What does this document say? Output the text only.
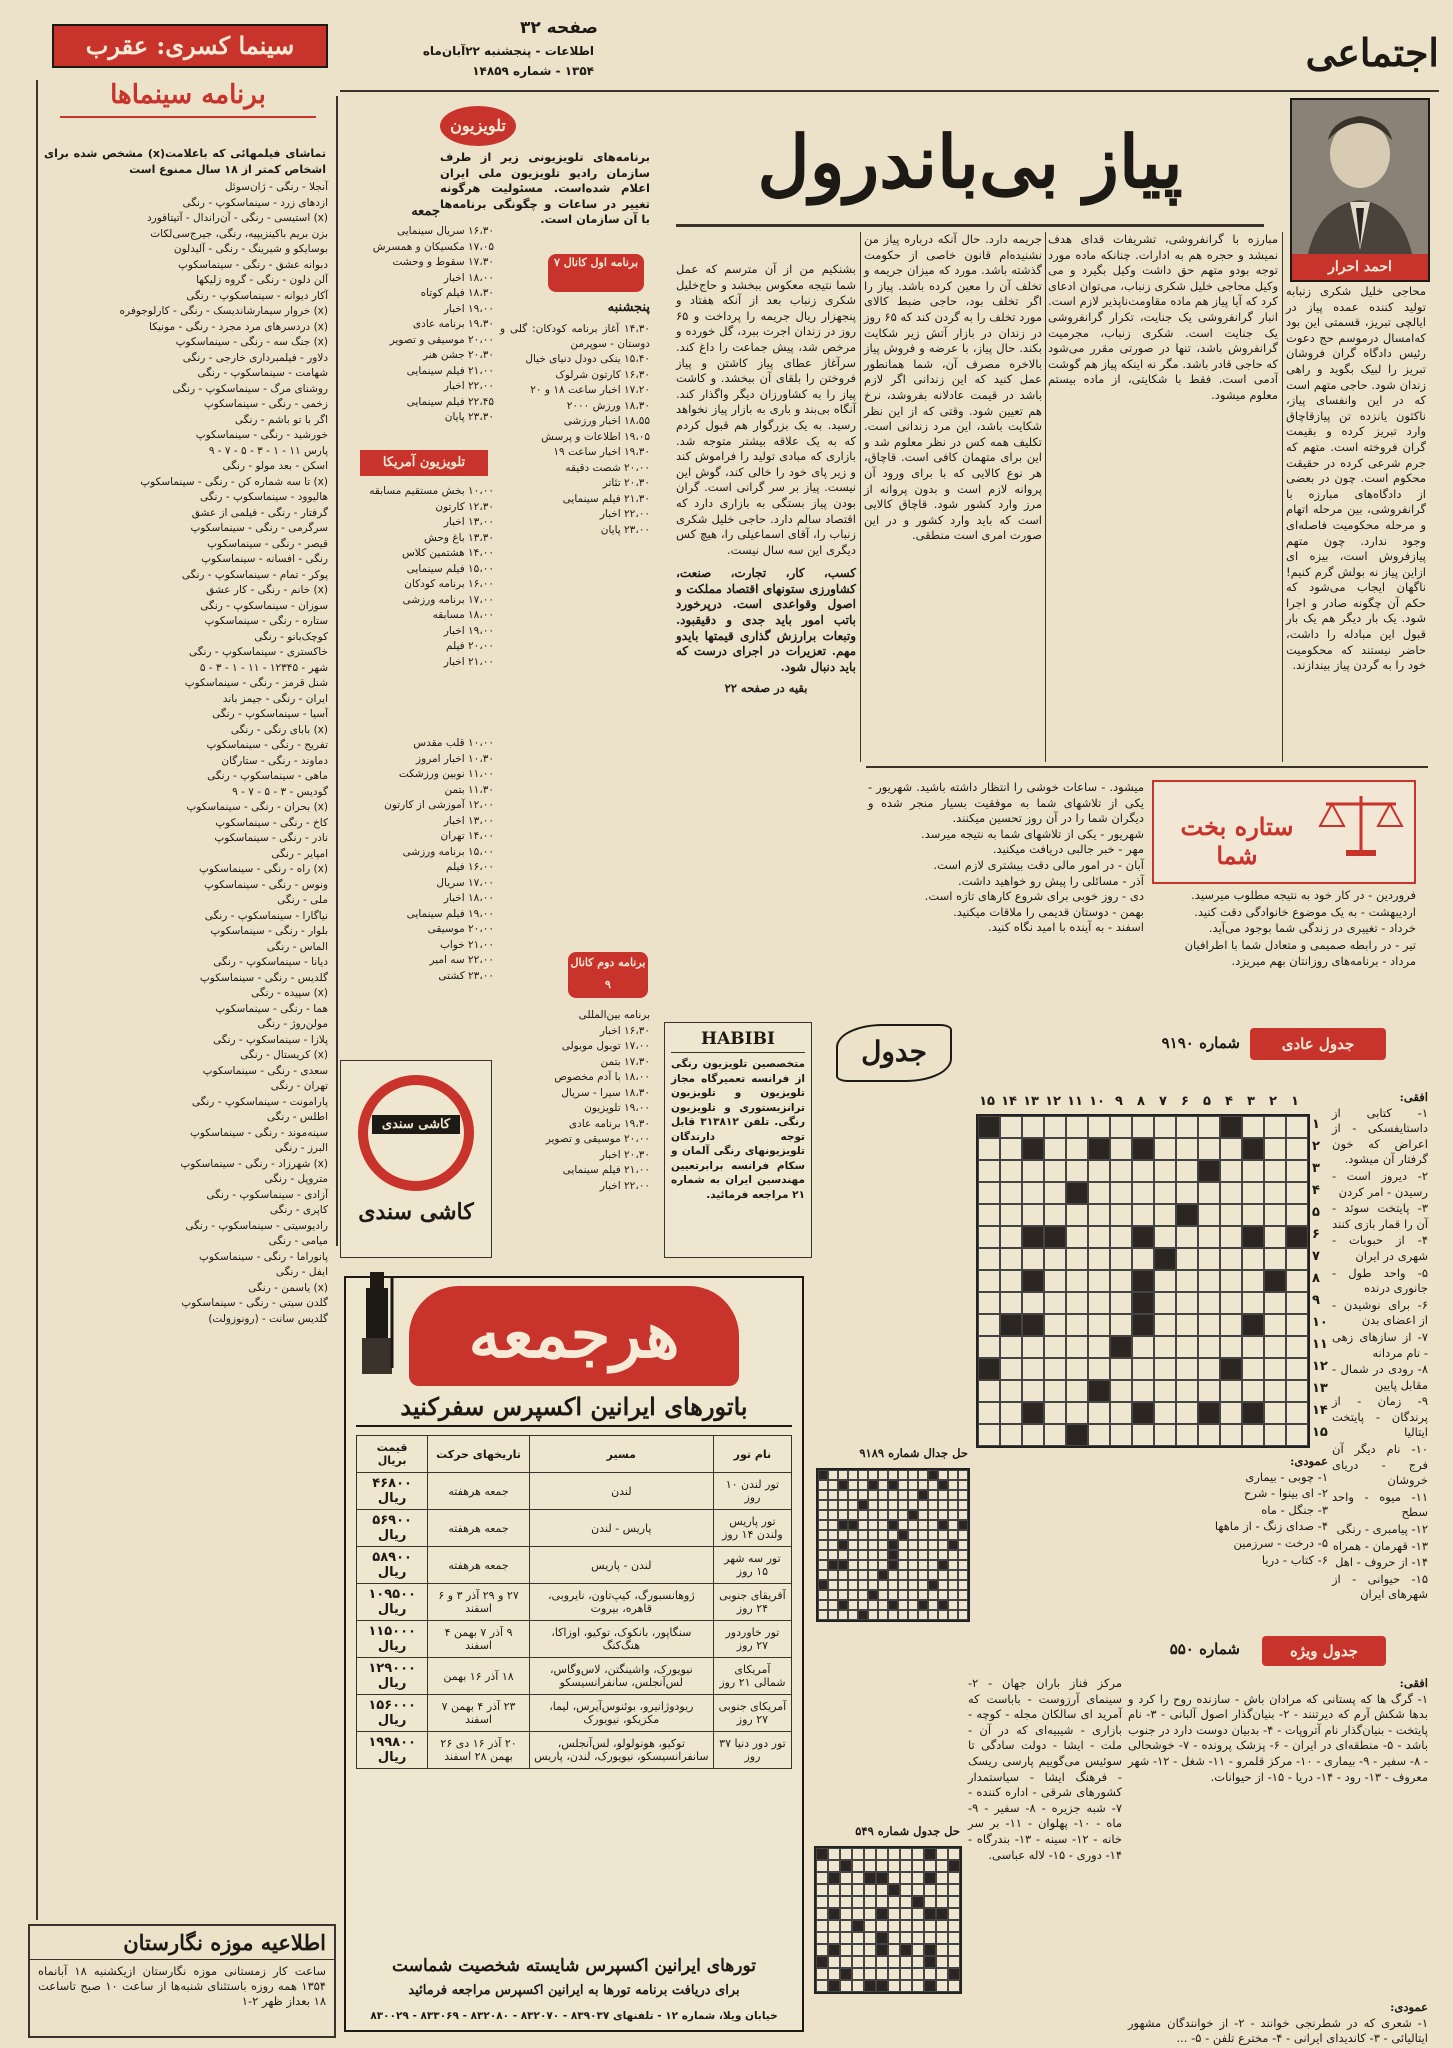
اجتماعی
صفحه ۳۲
اطلاعات - پنجشنبه ۲۲آبان‌ماه
۱۳۵۴ - شماره ۱۴۸۵۹
سینما کسری: عقرب
برنامه سینماها
تماشای فیلمهائی که باعلامت(x) مشخص شده برای اشخاص کمتر از ۱۸ سال ممنوع است
آنجلا - رنگی - ژان‌سوئل
ازدهای زرد - سینماسکوپ - رنگی
(x) استیسی - رنگی - آن‌راندال - آتیتافورد
بزن بریم باکینزیپیه، رنگی، جیرج‌سی‌لکات
بوسایکو و شیرینگ - رنگی - آلیدلون
دبوانه عشق - رنگی - سینماسکوپ
آلن دلون - رنگی - گروه زلیکها
آکار دیوانه - سینماسکوپ - رنگی
(x) خروار سیمارشاندیسک - رنگی - کارلوجوفره
(x) دردسرهای مرد مجرد - رنگی - مونیکا
(x) جنگ سه - رنگی - سینماسکوپ
دلاور - فیلمبرداری خارجی - رنگی
شهامت - سینماسکوپ - رنگی
روشنای مرگ - سینماسکوپ - رنگی
زخمی - رنگی - سینماسکوپ
اگر با تو باشم - رنگی
خورشید - رنگی - سینماسکوپ
پارس ۱۱ - ۱ - ۳ - ۵ - ۷ - ۹
اسکن - بعد مولو - رنگی
(x) تا سه شماره کن - رنگی - سینماسکوپ
هالیوود - سینماسکوپ - رنگی
گرفتار - رنگی - فیلمی از عشق
سرگرمی - رنگی - سینماسکوپ
قیصر - رنگی - سینماسکوپ
رنگی - افسانه - سینماسکوپ
پوکر - تمام - سینماسکوپ - رنگی
(x) خانم - رنگی - کار عشق
سوزان - سینماسکوپ - رنگی
ستاره - رنگی - سینماسکوپ
کوچک‌بانو - رنگی
خاکستری - سینماسکوپ - رنگی
شهر - ۱۲۳۴۵ - ۱۱ - ۱ - ۳ - ۵
شنل قرمز - رنگی - سینماسکوپ
ایران - رنگی - جیمز باند
آسیا - سینماسکوپ - رنگی
(x) بابای رنگی - رنگی
تفریح - رنگی - سینماسکوپ
دماوند - رنگی - ستارگان
ماهی - سینماسکوپ - رنگی
گودیس - ۳ - ۵ - ۷ - ۹
(x) بحران - رنگی - سینماسکوپ
کاخ - رنگی - سینماسکوپ
نادر - رنگی - سینماسکوپ
امپایر - رنگی
(x) راه - رنگی - سینماسکوپ
ونوس - رنگی - سینماسکوپ
ملی - رنگی
نیاگارا - سینماسکوپ - رنگی
بلوار - رنگی - سینماسکوپ
الماس - رنگی
دیانا - سینماسکوپ - رنگی
گلدیس - رنگی - سینماسکوپ
(x) سپیده - رنگی
هما - رنگی - سینماسکوپ
مولن‌روژ - رنگی
پلازا - سینماسکوپ - رنگی
(x) کریستال - رنگی
سعدی - رنگی - سینماسکوپ
تهران - رنگی
پارامونت - سینماسکوپ - رنگی
اطلس - رنگی
سینه‌موند - رنگی - سینماسکوپ
البرز - رنگی
(x) شهرزاد - رنگی - سینماسکوپ
متروپل - رنگی
آزادی - سینماسکوپ - رنگی
کاپری - رنگی
رادیوسیتی - سینماسکوپ - رنگی
میامی - رنگی
پانوراما - رنگی - سینماسکوپ
ایفل - رنگی
(x) یاسمن - رنگی
گلدن سیتی - رنگی - سینماسکوپ
گلدیس سانت - (رونوزولت)
اطلاعیه موزه نگارستان
ساعت کار زمستانی موزه نگارستان ازیکشنبه ۱۸ آبانماه ۱۳۵۴ همه روزه باستثنای شنبه‌ها از ساعت ۱۰ صبح تاساعت ۱۸ بعداز ظهر ۲-۱
تلویزیون
برنامه‌های تلویزیونی زیر از طرف سازمان رادیو تلویزیون ملی ایران اعلام شده‌است. مسئولیت هرگونه تغییر در ساعات و چگونگی برنامه‌ها با آن سازمان است.
برنامه اول کانال ۷
پنجشنبه
۱۴،۳۰ آغاز برنامه کودکان: گلی و دوستان - سوپرمن
۱۵،۴۰ ینکی دودل دنیای خیال
۱۶،۳۰ کارتون شرلوک
۱۷،۲۰ اخبار ساعت ۱۸ و ۲۰
۱۸،۳۰ ورزش ۲۰۰۰
۱۸،۵۵ اخبار ورزشی
۱۹،۰۵ اطلاعات و پرسش
۱۹،۳۰ اخبار ساعت ۱۹
۲۰،۰۰ شصت دقیقه
۲۰،۳۰ تئاتر
۲۱،۳۰ فیلم سینمایی
۲۲،۰۰ اخبار
۲۳،۰۰ پایان
جمعه
۱۶،۳۰ سریال سینمایی
۱۷،۰۵ مکسیکان و همسرش
۱۷،۳۰ سقوط و وحشت
۱۸،۰۰ اخبار
۱۸،۳۰ فیلم کوتاه
۱۹،۰۰ اخبار
۱۹،۳۰ برنامه عادی
۲۰،۰۰ موسیقی و تصویر
۲۰،۳۰ جشن هنر
۲۱،۰۰ فیلم سینمایی
۲۲،۰۰ اخبار
۲۲،۴۵ فیلم سینمایی
۲۳،۳۰ پایان
تلویزیون آمریکا
۱۰،۰۰ بخش مستقیم مسابقه
۱۲،۳۰ کارتون
۱۳،۰۰ اخبار
۱۳،۳۰ باغ وحش
۱۴،۰۰ هشتمین کلاس
۱۵،۰۰ فیلم سینمایی
۱۶،۰۰ برنامه کودکان
۱۷،۰۰ برنامه ورزشی
۱۸،۰۰ مسابقه
۱۹،۰۰ اخبار
۲۰،۰۰ فیلم
۲۱،۰۰ اخبار
۱۰،۰۰ قلب مقدس
۱۰،۳۰ اخبار امروز
۱۱،۰۰ نوبین ورزشکت
۱۱،۳۰ بتمن
۱۲،۰۰ آموزشی از کارتون
۱۳،۰۰ اخبار
۱۴،۰۰ تهران
۱۵،۰۰ برنامه ورزشی
۱۶،۰۰ فیلم
۱۷،۰۰ سریال
۱۸،۰۰ اخبار
۱۹،۰۰ فیلم سینمایی
۲۰،۰۰ موسیقی
۲۱،۰۰ خواب
۲۲،۰۰ سه امیر
۲۳،۰۰ کشتی
برنامه دوم کانال ۹
برنامه بین‌المللی
۱۶،۳۰ اخبار
۱۷،۰۰ توبول موبولی
۱۷،۳۰ بتمن
۱۸،۰۰ با آدم مخصوص
۱۸،۳۰ سیرا - سریال
۱۹،۰۰ تلویزیون
۱۹،۳۰ برنامه عادی
۲۰،۰۰ موسیقی و تصویر
۲۰،۳۰ اخبار
۲۱،۰۰ فیلم سینمایی
۲۲،۰۰ اخبار
کاشی سندی
کاشی سندی
پیاز بی‌باندرول
احمد احرار
محاجی خلیل شکری زنبابه تولید کننده عمده پیاز در ایالچی تبریز، قسمتی این بود که‌امسال درموسم حج دعوت رئیس دادگاه گران‌ فروشان تبریز را لبیک بگوید و راهی زندان شود. حاجی متهم است که در این وانفسای پیاز، ناکثون یانزده تن پیازقاچاق وارد تبریز کرده و بقیمت گران فروخته است. متهم که جرم شرعی کرده در حقیقت محکوم است. چون در بعضی از دادگاه‌های مبارزه با گرانفروشی، بین مرحله اتهام و مرحله محکومیت فاصله‌ای وجود ندارد. چون متهم پیازفروش است، بیزه ای ازاین پیاز نه بولش گرم کنیم! ناگهان ایجاب می‌شود که حکم آن چگونه صادر و اجرا شود. یک بار دیگر هم یک بار قبول این مبادله را داشت، حاضر نیستند که محکومیت خود را به گردن پیاز بیندازند.
مبارزه با گرانفروشی، تشریفات قدای هدف نمیشد و حجره هم به ادارات. چنانکه ماده مورد توجه بودو متهم حق داشت وکیل بگیرد و می وکیل محاجی خلیل شکری زنباب، می‌توان ادعای کرد که آیا پیاز هم ماده مقاومت‌ناپذیر لازم است. انبار گرانفروشی یک جنایت، تکرار گرانفروشی یک جنایت است. شکری زنباب، مجرمیت گرانفروش باشد، تنها در صورتی مقرر می‌شود که حاجی قادر باشد. مگر نه اینکه پیاز هم گوشت آدمی است. فقط با شکایتی، از ماده بیستم معلوم میشود.
جریمه دارد. حال آنکه درباره پیاز من نشنیده‌ام قانون خاصی از حکومت گذشته باشد. مورد که میزان جریمه و تخلف آن را معین کرده باشد. پیاز را اگر تخلف بود، حاجی ضبط کالای مورد تخلف را به گردن کند که ۶۵ روز در زندان در بازار آتش زیر شکایت بکند. حال پیاز، با عرضه و فروش پیاز بالاخره مصرف آن، شما همانطور عمل کنید که این زندانی اگر لازم باشد در قیمت عادلانه بفروشد، نرخ هم تعیین شود. وقتی که از این نظر شکایت باشد، این مرد زندانی است. تکلیف همه کس در نظر معلوم شد و این برای متهمان کافی است. قاچاق، هر نوع کالایی که با برای ورود آن پروانه لازم است و بدون پروانه از مرز وارد کشور شود. قاچاق کالایی است که باید وارد کشور و در این صورت امری است منطقی.
بشنکیم من از آن مترسم که عمل شما نتیجه معکوس ببخشد و حاج‌خلیل شکری زنباب بعد از آنکه هفتاد و پنجهزار ریال جریمه را پرداخت و ۶۵ روز در زندان اجرت ببرد، گل خورده و مرخص شد، پیش جماعت را داغ کند. سرآغاز عطای پیاز کاشتن و پیاز فروختن را بلقای آن ببخشد. و کاشت پیاز را به کشاورزان دیگر واگذار کند. آنگاه بی‌بند و باری به بازار پیاز نخواهد رسید. به یک بزرگوار هم قبول کردم که به یک علاقه بیشتر متوجه شد. بازاری که مبادی تولید را فراموش کند و زیر پای خود را خالی کند، گوش این نیست. پیاز بر سر گرانی است. گران بودن پیاز بستگی به بازاری دارد که اقتصاد سالم دارد. حاجی خلیل شکری زنباب را، آقای اسماعیلی را، هیچ کس دیگری این سه سال نیست.
کسب، کار، تجارت، صنعت، کشاورزی ستونهای اقتصاد مملکت و اصول وقواعدی است. درپرخورد باتب امور باید جدی و دقیقبود. وتبعات برارزش گذاری قیمتها بایدو مهم. تعزیرات در اجرای درست که باید دنبال شود.
بقیه در صفحه ۲۲
ستاره بخت شما
فروردین - در کار خود به نتیجه مطلوب میرسید.
اردیبهشت - به یک موضوع خانوادگی دقت کنید.
خرداد - تغییری در زندگی شما بوجود می‌آید.
تیر - در رابطه صمیمی و متعادل شما با اطرافیان
مرداد - برنامه‌های روزانتان بهم میریزد.
میشود. - ساعات خوشی را انتظار داشته باشید. شهریور - یکی از تلاشهای شما به موفقیت بسیار منجر شده و دیگران شما را در آن روز تحسین میکنند.
شهریور - یکی از تلاشهای شما به نتیجه میرسد.
مهر - خبر جالبی دریافت میکنید.
آبان - در امور مالی دقت بیشتری لازم است.
آذر - مسائلی را پیش رو خواهید داشت.
دی - روز خوبی برای شروع کارهای تازه است.
بهمن - دوستان قدیمی را ملاقات میکنید.
اسفند - به آینده با امید نگاه کنید.
HABIBI
متخصصین تلویزیون رنگی از فرانسه تعمیرگاه مجاز تلویزیون و تلویزیون ترانزیستوری و تلویزیون رنگی. تلفن ۳۱۳۸۱۲ قابل توجه دارندگان تلویزیونهای رنگی آلمان و سکام فرانسه برابرتعیین مهندسین ایران به شماره ۲۱ مراجعه فرمائید.
جدول	جدول عادی
شماره ۹۱۹۰
۱۵ ۱۴ ۱۳ ۱۲ ۱۱ ۱۰ ۹	۸	۷	۶	۵	۴	۳	۲	۱
۱
۲
۳
۴
۵
۶
۷
۸
۹
۱۰
۱۱
۱۲
۱۳
۱۴
۱۵
افقی:
۱- کتابی از داستایفسکی - از اعراض که خون گرفتار آن میشود.
۲- دیروز است - رسیدن - امر کردن
۳- پایتخت سوئد - آن را قمار بازی کنند
۴- از حبوبات - شهری در ایران
۵- واحد طول - جانوری درنده
۶- برای نوشیدن - از اعضای بدن
۷- از سازهای زهی - نام مردانه
۸- رودی در شمال - مقابل پایین
۹- زمان - از پرندگان - پایتخت ایتالیا
۱۰- نام دیگر آن فرج - دریای خروشان
۱۱- میوه - واحد سطح
۱۲- پیامبری - رنگی
۱۳- قهرمان - همراه
۱۴- از حروف - اهل
۱۵- حیوانی - از شهرهای ایران
حل جدال شماره ۹۱۸۹
عمودی:
۱- چوبی - بیماری
۲- ای بینوا - شرح
۳- جنگل - ماه
۴- صدای زنگ - از ماهها
۵- درخت - سرزمین
۶- کتاب - دریا
جدول ویژه
شماره ۵۵۰
افقی:
۱- گرگ ها که پستانی که مرادان باش - سازنده روح را کرد و بدها شکش آرم که دیرتنند - ۲- بنیان‌گذار اصول آلبانی - ۳- نام پایتخت - بنیان‌گذار نام آتروپات - ۴- بدبیان دوست دارد در جنوب باشد - ۵- منطقه‌ای در ایران - ۶- پزشک پرونده - ۷- خوشحالی - ۸- سفیر - ۹- بیماری - ۱۰- مرکز قلمرو - ۱۱- شغل - ۱۲- شهر معروف - ۱۳- رود - ۱۴- دریا - ۱۵- از حیوانات.
مرکز فناز باران جهان - ۲- سینمای آرزوست - باباست که آمرید ای سالکان مجله - کوچه - بازاری - شیبیه‌ای که در آن - ملت - ایشا - دولت سادگی تا سوئیس می‌گوییم پارسی ریسک - فرهنگ ایشا - سیاستمدار کشورهای شرقی - اداره کننده - ۷- شبه جزیره - ۸- سفیر - ۹- ماه - ۱۰- پهلوان - ۱۱- بر سر خانه - ۱۲- سینه - ۱۳- بندرگاه - ۱۴- دوری - ۱۵- لاله عباسی.
حل جدول شماره ۵۴۹
عمودی:
۱- شعری که در شطرنجی خوانند - ۲- از خوانندگان مشهور ایتالیائی - ۳- کاندیدای ایرانی - ۴- مخترع تلفن - ۵- ...
هرجمعه
باتورهای ایرانین اکسپرس سفرکنید
نام تور	مسیر	تاریخهای حرکت	قیمت بریال
تور لندن ۱۰ روز	لندن	جمعه هرهفته	۴۶۸۰۰ ریال
تور پاریس ولندن ۱۴ روز	پاریس - لندن	جمعه هرهفته	۵۶۹۰۰ ریال
تور سه شهر ۱۵ روز	لندن - پاریس	جمعه هرهفته	۵۸۹۰۰ ریال
آفریقای جنوبی ۲۴ روز	ژوهانسبورگ، کیپ‌تاون، نایروبی، قاهره، بیروت	۲۷ و ۲۹ آذر ۳ و ۶ اسفند	۱۰۹۵۰۰ ریال
تور خاوردور ۲۷ روز	سنگاپور، بانکوک، توکیو، اوزاکا، هنگ‌کنگ	۹ آذر ۷ بهمن ۴ اسفند	۱۱۵۰۰۰ ریال
آمریکای شمالی ۲۱ روز	نیویورک، واشینگتن، لاس‌وگاس، لس‌آنجلس، سانفرانسیسکو	۱۸ آذر ۱۶ بهمن	۱۲۹۰۰۰ ریال
آمریکای جنوبی ۲۷ روز	ریودوژانیرو، بوئنوس‌آیرس، لیما، مکزیکو، نیویورک	۲۳ آذر ۴ بهمن ۷ اسفند	۱۵۶۰۰۰ ریال
تور دور دنیا ۳۷ روز	توکیو، هونولولو، لس‌آنجلس، سانفرانسیسکو، نیویورک، لندن، پاریس	۲۰ آذر ۱۶ دی ۲۶ بهمن ۲۸ اسفند	۱۹۹۸۰۰ ریال
تورهای ایرانین اکسپرس شایسته شخصیت شماست
برای دریافت برنامه تورها به ایرانین اکسپرس مراجعه فرمائید
خیابان ویلا، شماره ۱۲ - تلفنهای ۸۳۹۰۳۷ - ۸۳۲۰۷۰ - ۸۳۲۰۸۰ - ۸۳۳۰۶۹ - ۸۳۰۰۲۹
